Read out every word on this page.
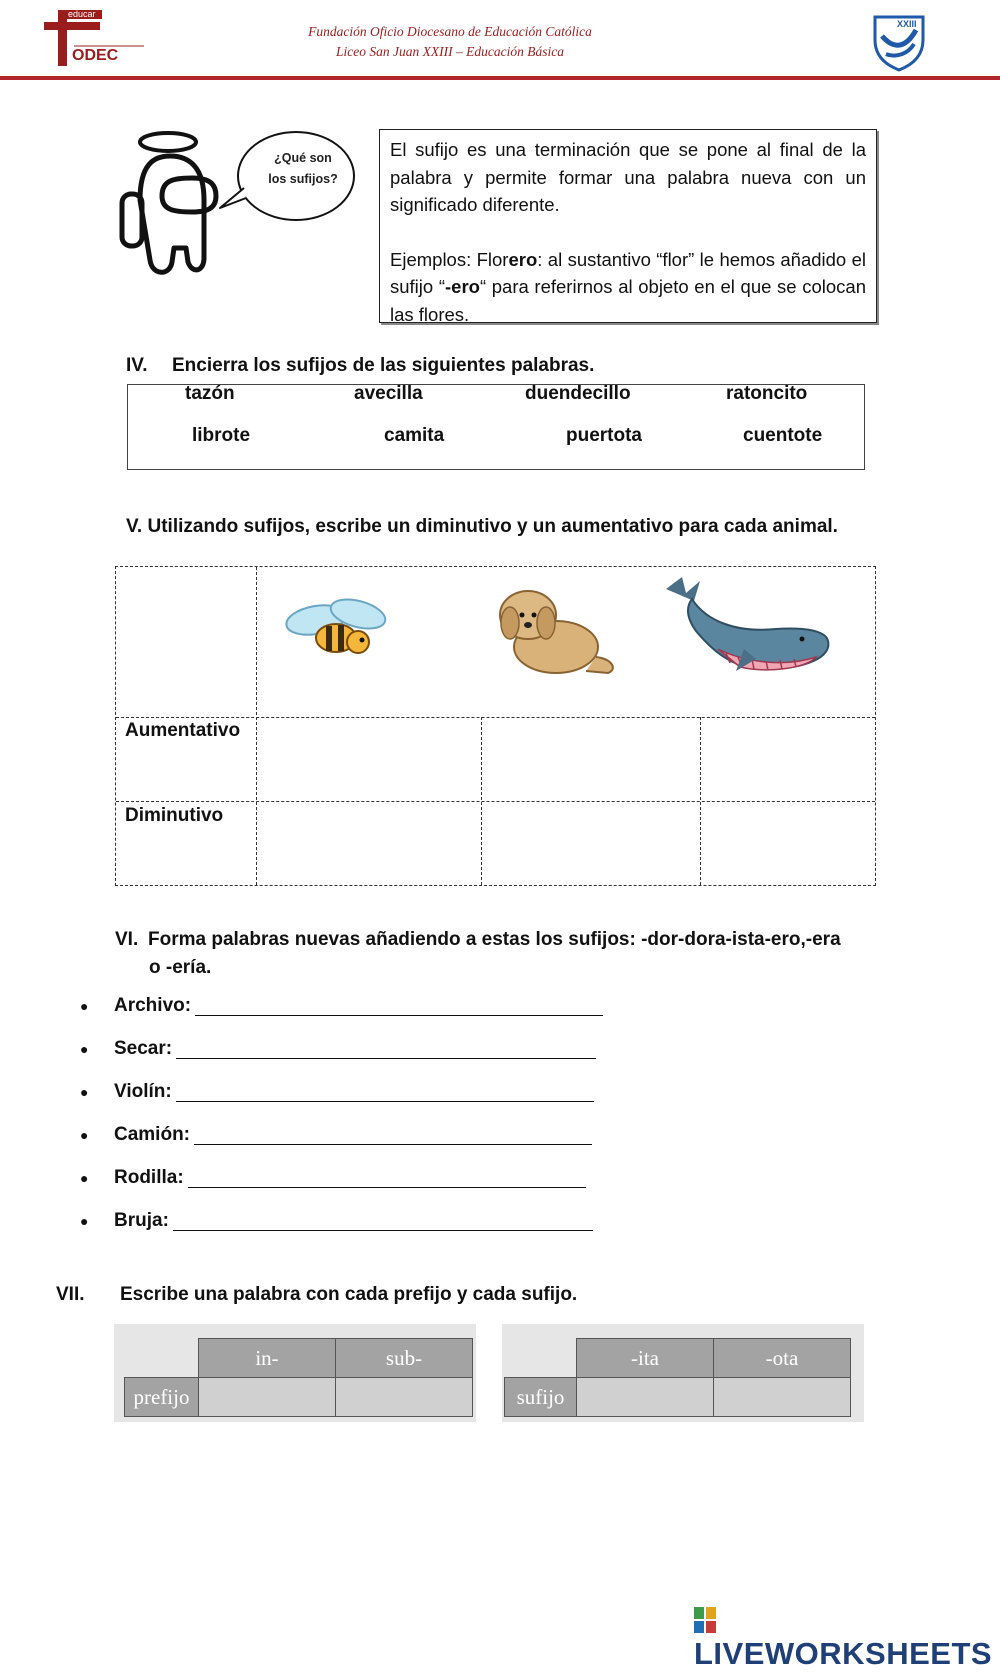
educar
ODEC
Fundación Oficio Diocesano de Educación Católica
Liceo San Juan XXIII – Educación Básica
XXIII
¿Qué son los sufijos?

El sufijo es una terminación que se pone al final de la palabra y permite formar una palabra nueva con un significado diferente.

Ejemplos: Florero: al sustantivo “flor” le hemos añadido el sufijo “-ero“ para referirnos al objeto en el que se colocan las flores.

IV. Encierra los sufijos de las siguientes palabras.
tazón	avecilla	duendecillo	ratoncito
librote	camita	puertota	cuentote
V. Utilizando sufijos, escribe un diminutivo y un aumentativo para cada animal.
Aumentativo
Diminutivo
VI. Forma palabras nuevas añadiendo a estas los sufijos: -dor-dora-ista-ero,-era
o -ería.
●	Archivo:
●	Secar:
●	Violín:
●	Camión:
●	Rodilla:
●	Bruja:
VII. Escribe una palabra con cada prefijo y cada sufijo.
in-	sub-
prefijo
-ita	-ota
sufijo
LIVEWORKSHEETS
